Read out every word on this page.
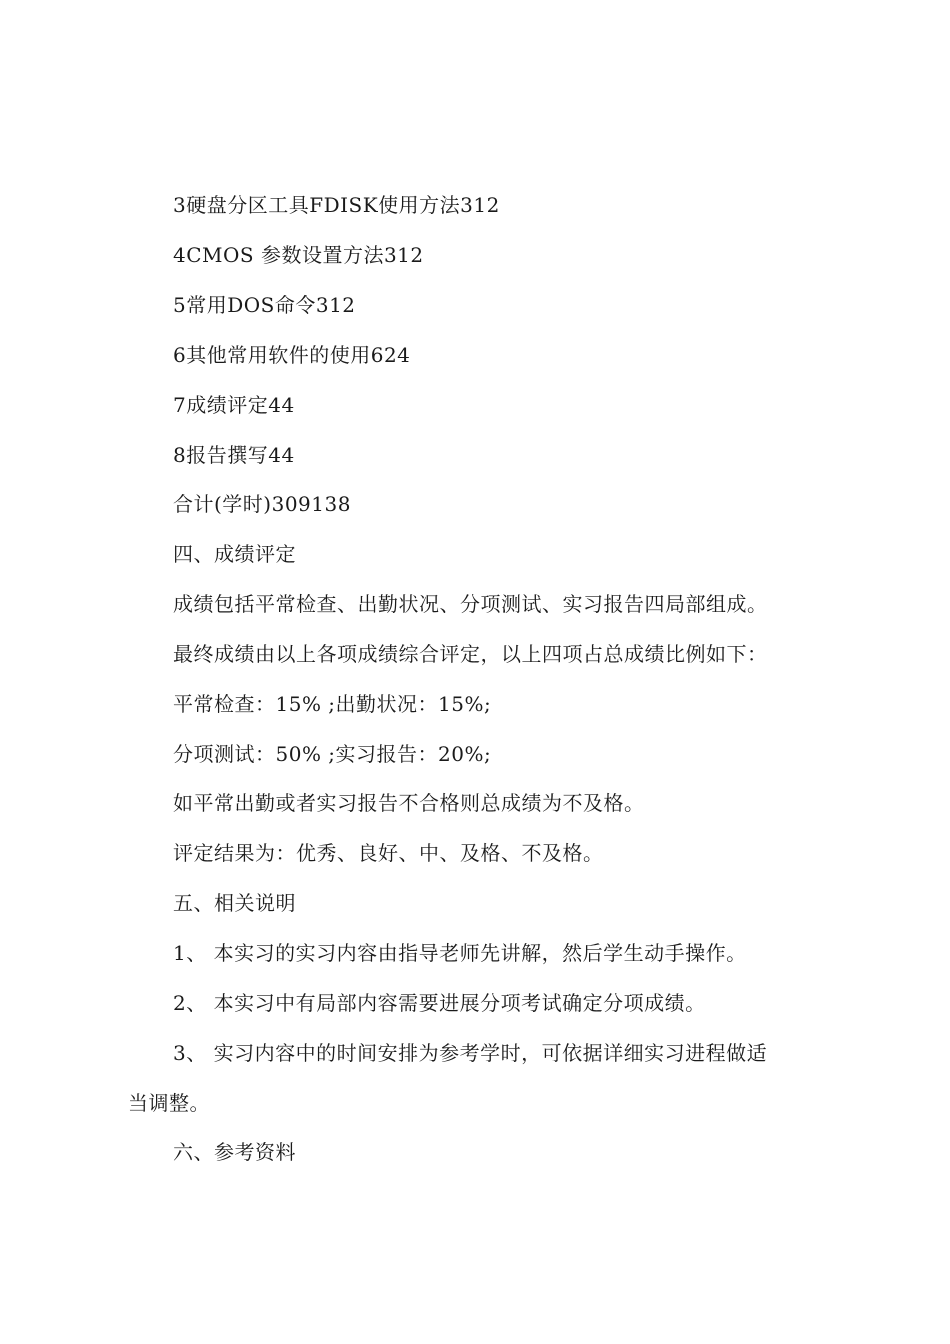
3硬盘分区工具FDISK使用方法312
4CMOS 参数设置方法312
5常用DOS命令312
6其他常用软件的使用624
7成绩评定44
8报告撰写44
合计(学时)309138
四、成绩评定
成绩包括平常检查、出勤状况、分项测试、实习报告四局部组成。
最终成绩由以上各项成绩综合评定，以上四项占总成绩比例如下：
平常检查：15% ;出勤状况：15%;
分项测试：50% ;实习报告：20%;
如平常出勤或者实习报告不合格则总成绩为不及格。
评定结果为：优秀、良好、中、及格、不及格。
五、相关说明
1、 本实习的实习内容由指导老师先讲解，然后学生动手操作。
2、 本实习中有局部内容需要进展分项考试确定分项成绩。
3、 实习内容中的时间安排为参考学时，可依据详细实习进程做适
当调整。
六、参考资料
